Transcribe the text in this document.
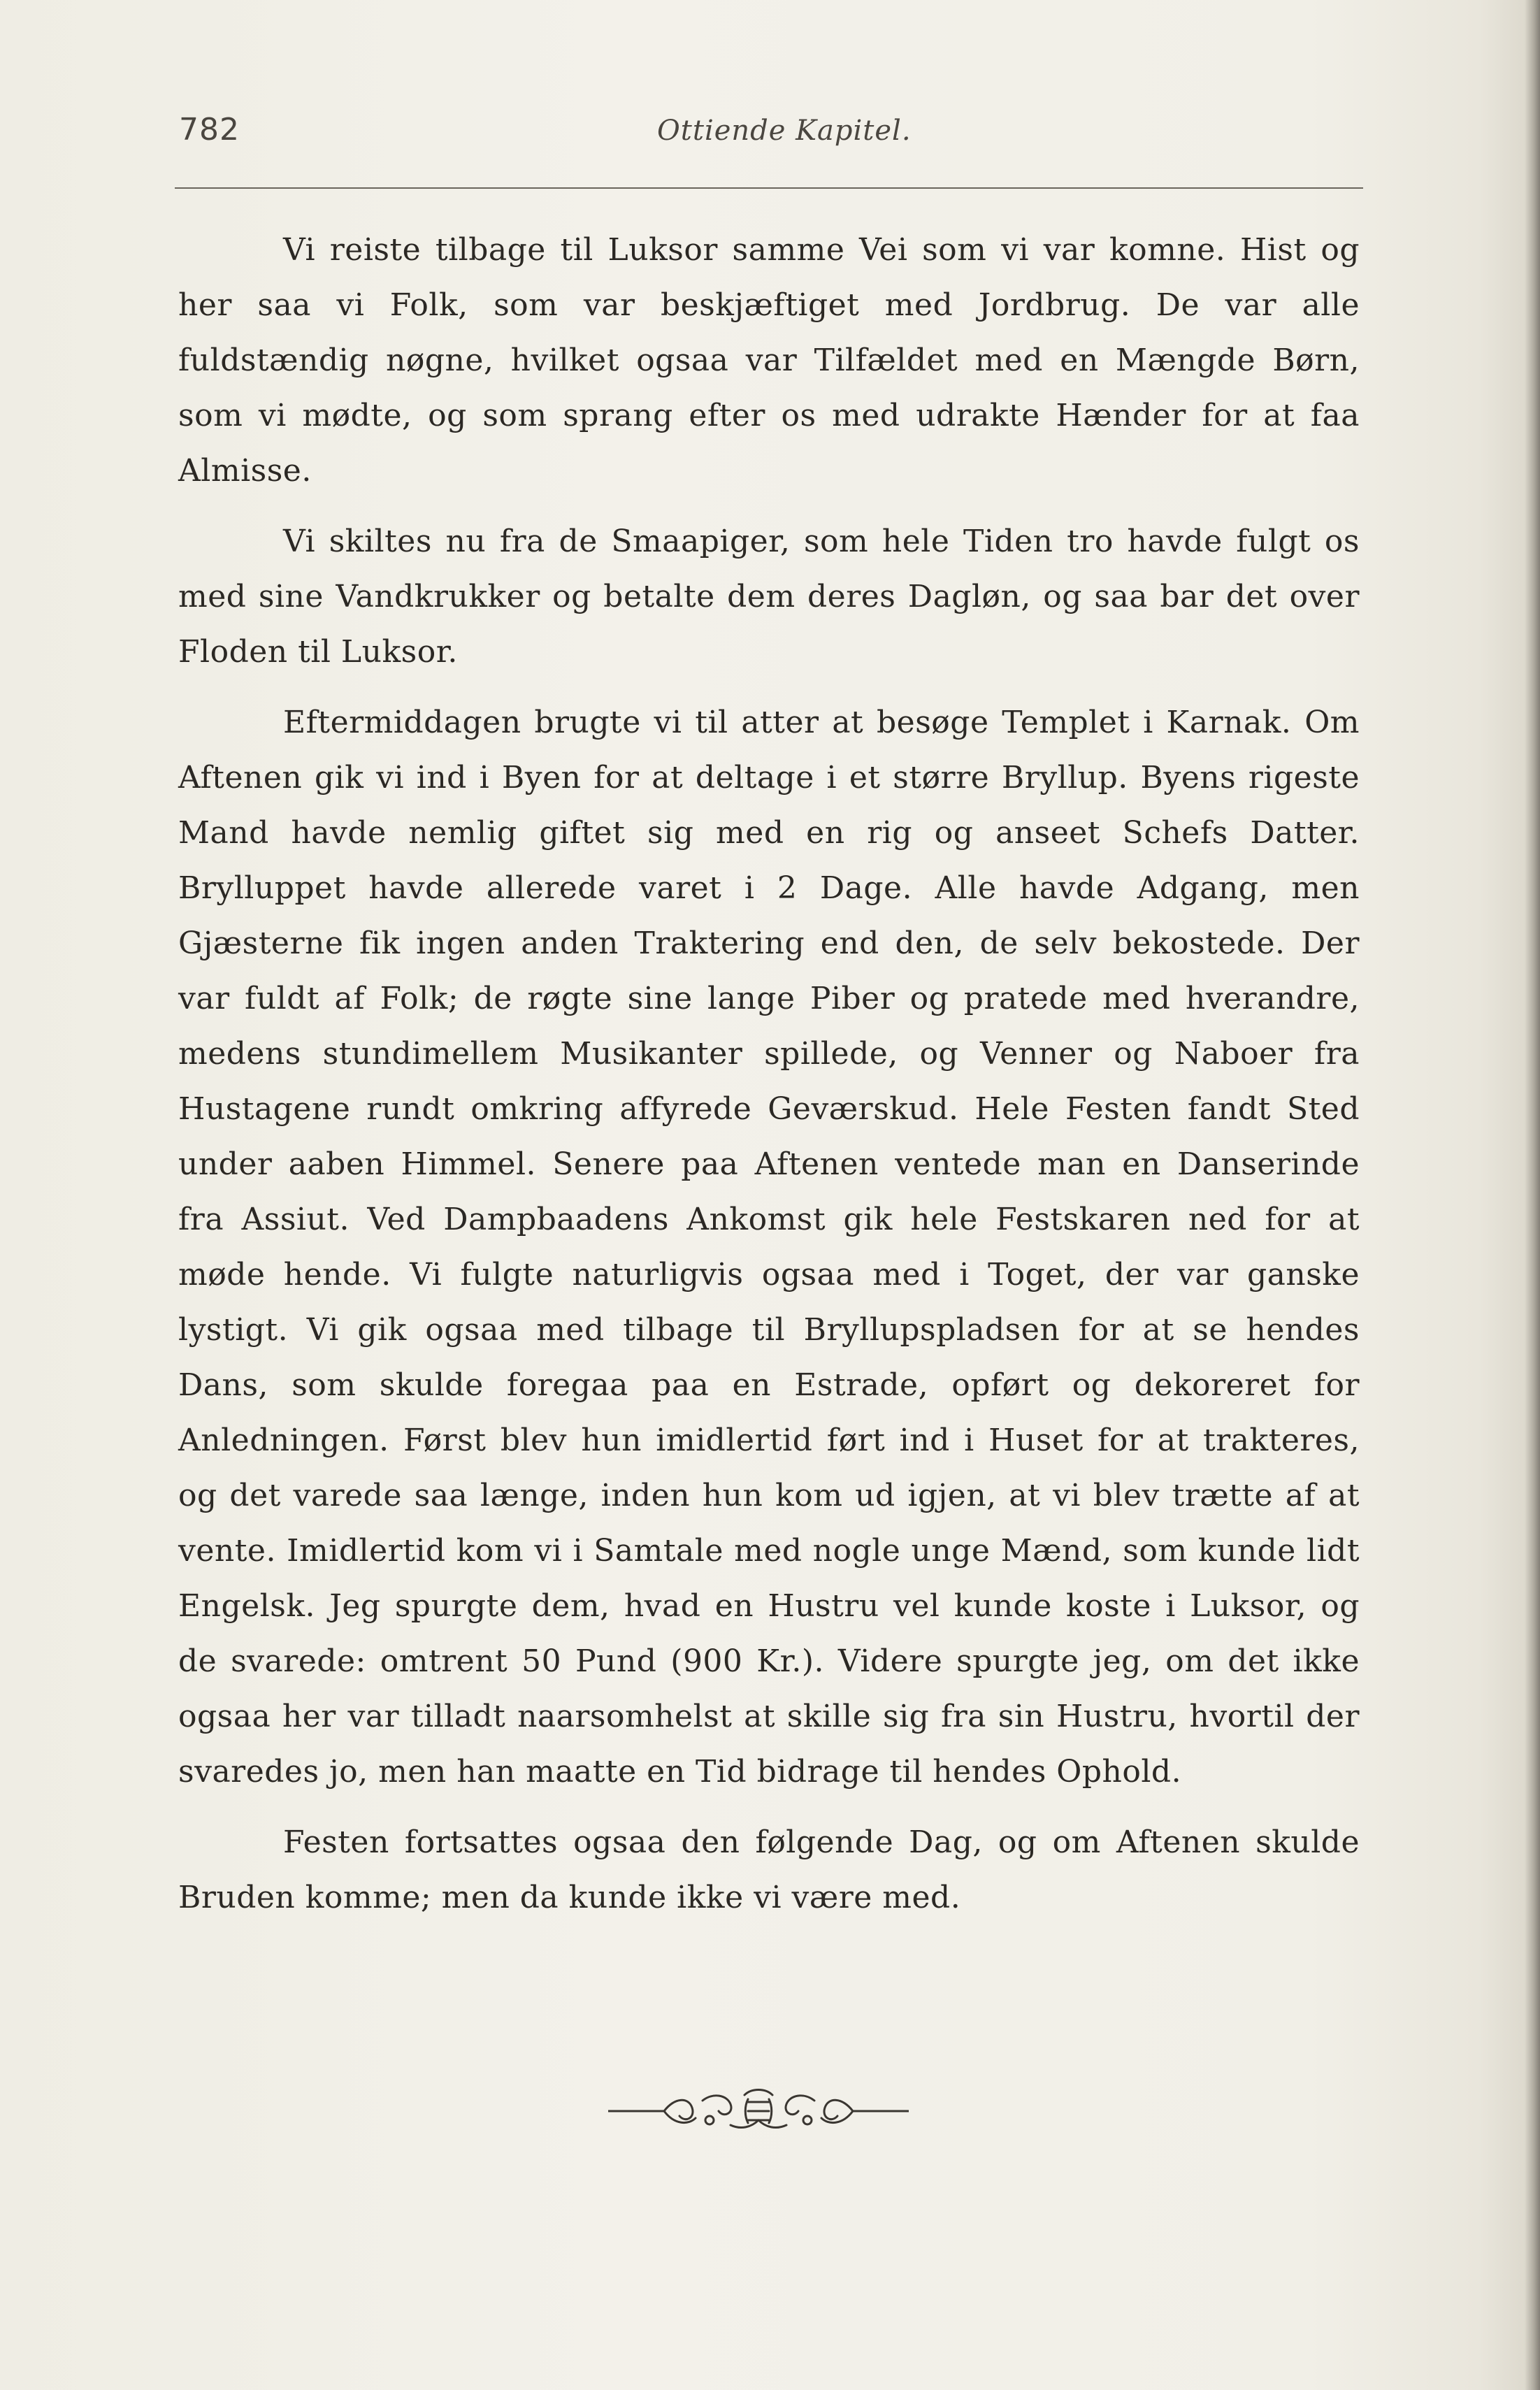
782	Ottiende Kapitel.

Vi reiste tilbage til Luksor samme Vei som vi var komne. Hist og her saa vi Folk, som var beskjæftiget med Jordbrug. De var alle fuldstændig nøgne, hvilket ogsaa var Tilfældet med en Mængde Børn, som vi mødte, og som sprang efter os med udrakte Hænder for at faa Almisse.

Vi skiltes nu fra de Smaapiger, som hele Tiden tro havde fulgt os med sine Vandkrukker og betalte dem deres Dagløn, og saa bar det over Floden til Luksor.

Eftermiddagen brugte vi til atter at besøge Templet i Karnak. Om Aftenen gik vi ind i Byen for at deltage i et større Bryllup. Byens rigeste Mand havde nemlig giftet sig med en rig og anseet Schefs Datter. Brylluppet havde allerede varet i 2 Dage. Alle havde Adgang, men Gjæsterne fik ingen anden Traktering end den, de selv bekostede. Der var fuldt af Folk; de røgte sine lange Piber og pratede med hverandre, medens stundimellem Musikanter spillede, og Venner og Naboer fra Hustagene rundt omkring affyrede Geværskud. Hele Festen fandt Sted under aaben Himmel. Senere paa Aftenen ventede man en Danserinde fra Assiut. Ved Dampbaadens Ankomst gik hele Festskaren ned for at møde hende. Vi fulgte naturligvis ogsaa med i Toget, der var ganske lystigt. Vi gik ogsaa med tilbage til Bryllupspladsen for at se hendes Dans, som skulde foregaa paa en Estrade, opført og dekoreret for Anledningen. Først blev hun imidlertid ført ind i Huset for at trakteres, og det varede saa længe, inden hun kom ud igjen, at vi blev trætte af at vente. Imidlertid kom vi i Samtale med nogle unge Mænd, som kunde lidt Engelsk. Jeg spurgte dem, hvad en Hustru vel kunde koste i Luksor, og de svarede: omtrent 50 Pund (900 Kr.). Videre spurgte jeg, om det ikke ogsaa her var tilladt naarsomhelst at skille sig fra sin Hustru, hvortil der svaredes jo, men han maatte en Tid bidrage til hendes Ophold.

Festen fortsattes ogsaa den følgende Dag, og om Aftenen skulde Bruden komme; men da kunde ikke vi være med.
